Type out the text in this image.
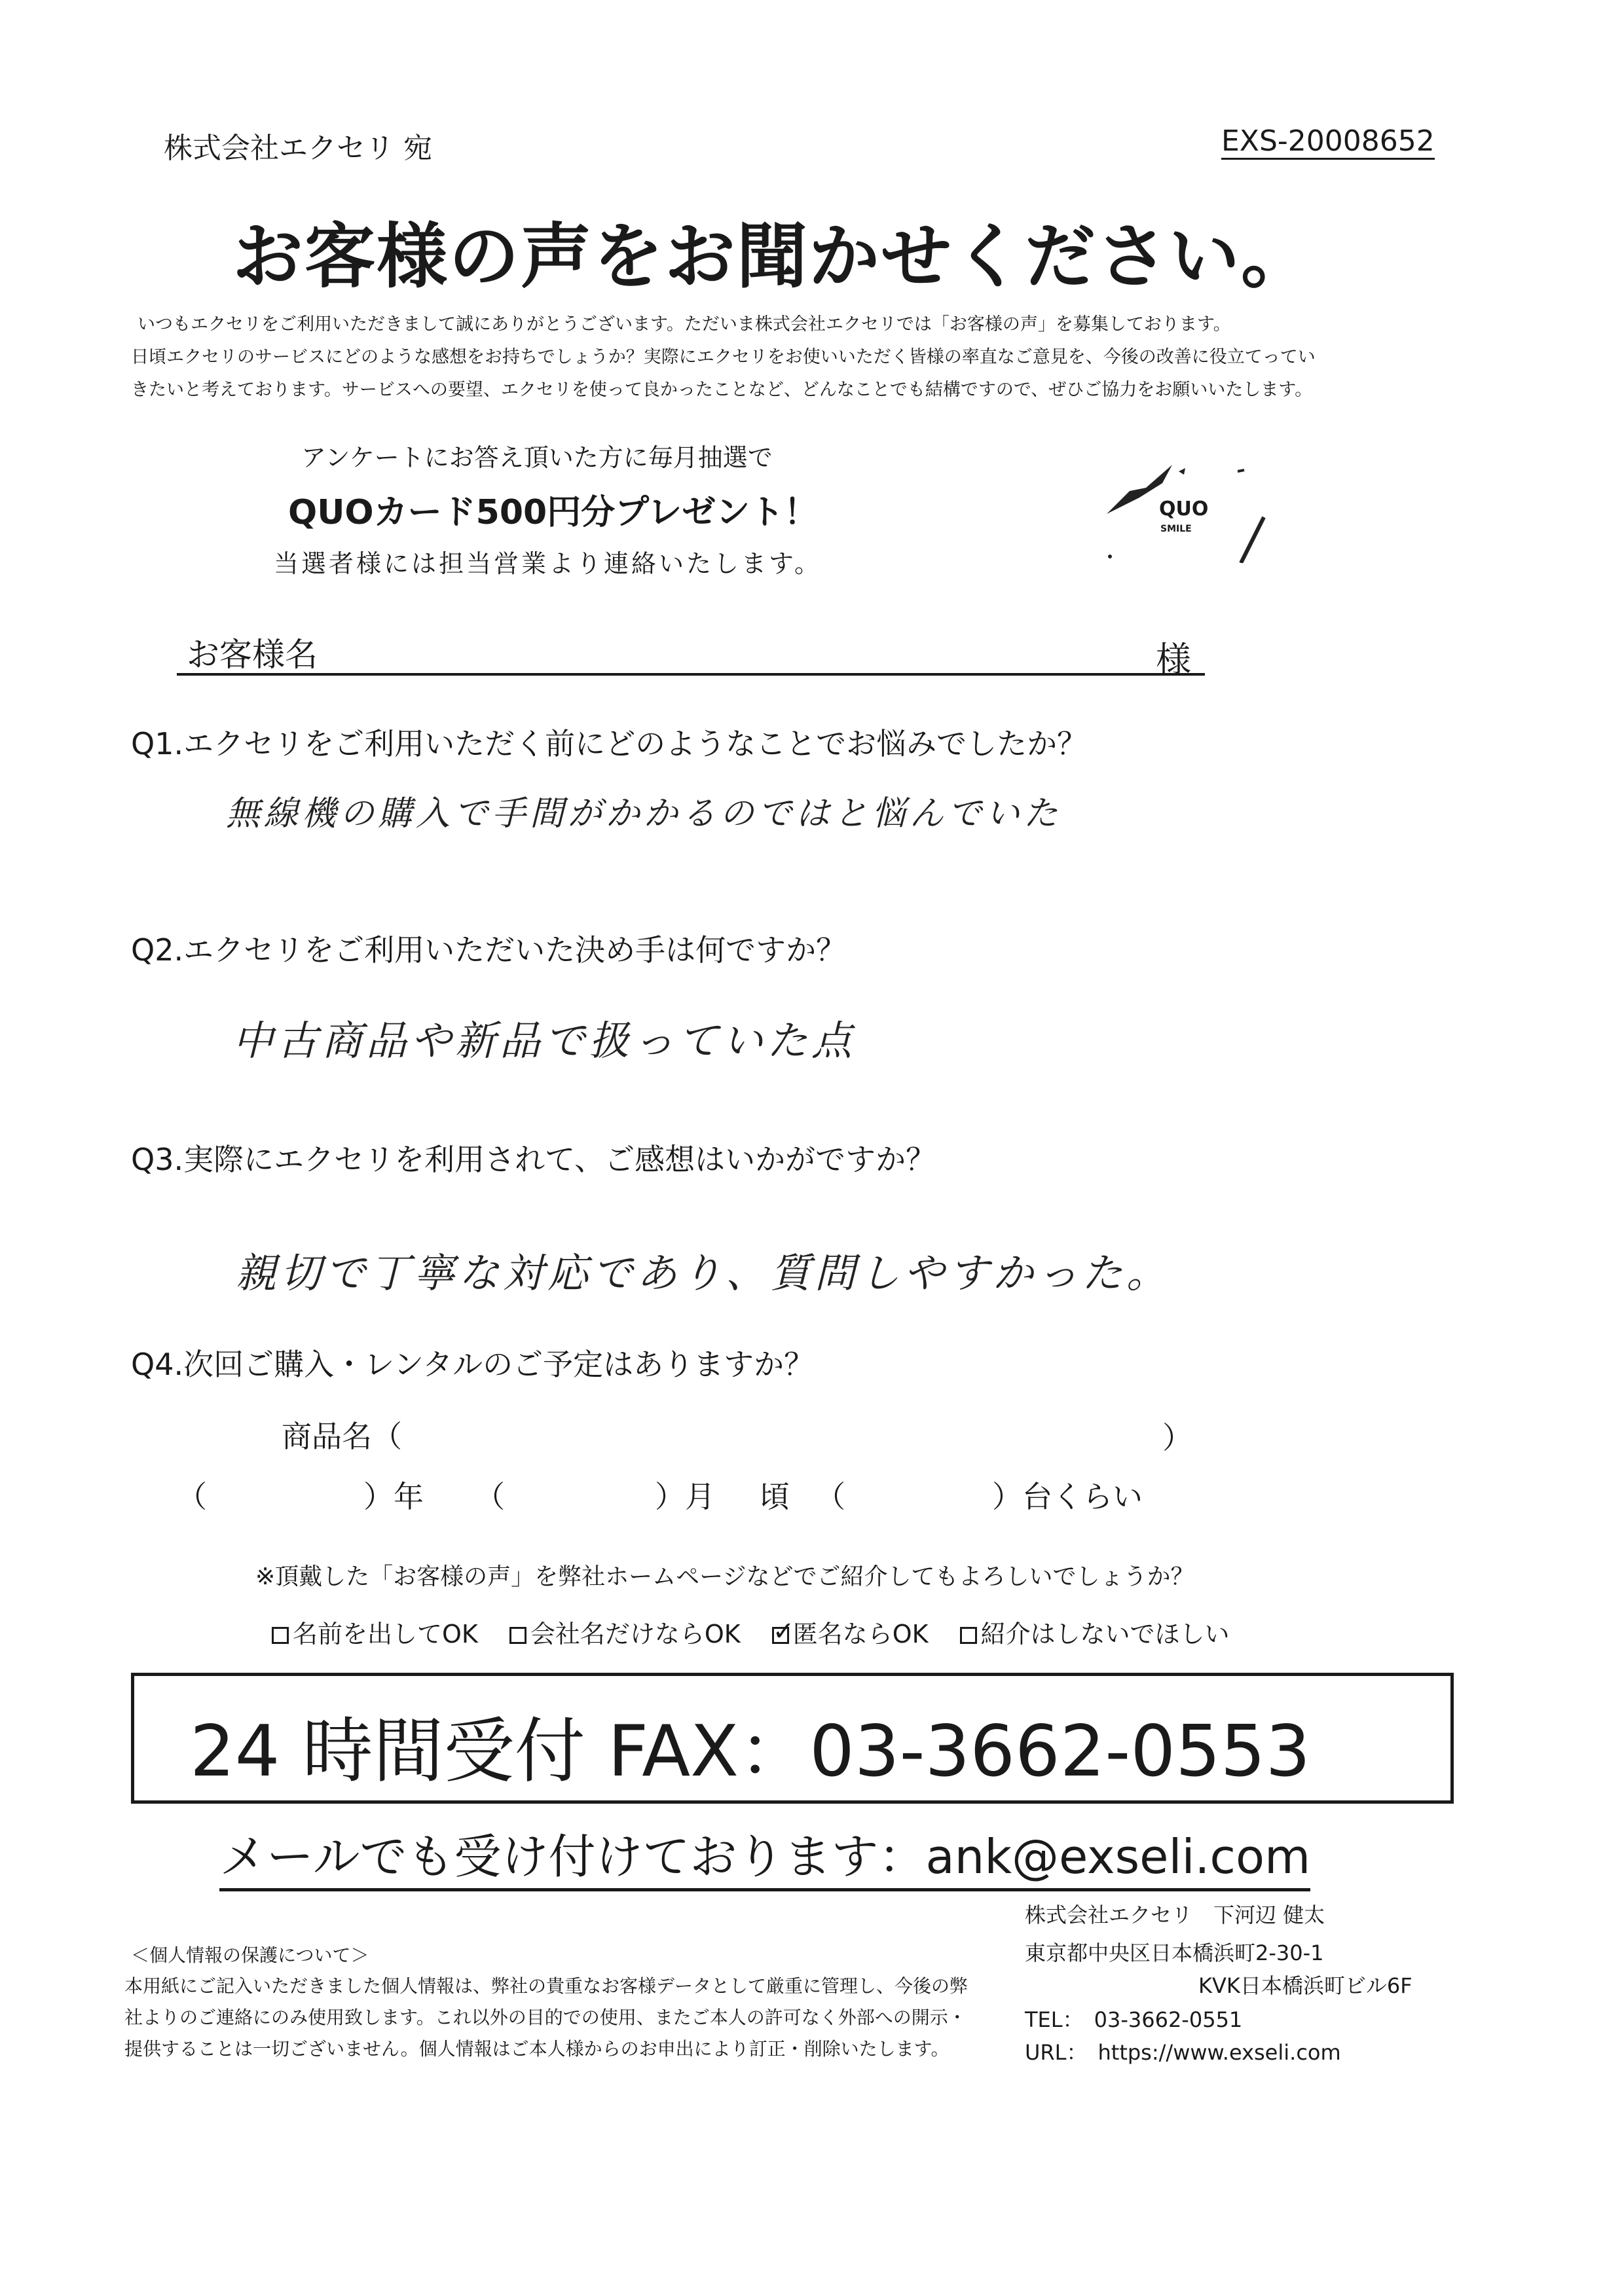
株式会社エクセリ 宛	EXS-20008652
お客様の声をお聞かせください。
いつもエクセリをご利用いただきまして誠にありがとうございます。ただいま株式会社エクセリでは「お客様の声」を募集しております。
日頃エクセリのサービスにどのような感想をお持ちでしょうか？実際にエクセリをお使いいただく皆様の率直なご意見を、今後の改善に役立てってい
きたいと考えております。サービスへの要望、エクセリを使って良かったことなど、どんなことでも結構ですので、ぜひご協力をお願いいたします。
アンケートにお答え頂いた方に毎月抽選で
QUOカード500円分プレゼント！
当選者様には担当営業より連絡いたします。
QUO
SMILE
お客様名	様
Q1.エクセリをご利用いただく前にどのようなことでお悩みでしたか？
無線機の購入で手間がかかるのではと悩んでいた
Q2.エクセリをご利用いただいた決め手は何ですか？
中古商品や新品で扱っていた点
Q3.実際にエクセリを利用されて、ご感想はいかがですか？
親切で丁寧な対応であり、質問しやすかった。
Q4.次回ご購入・レンタルのご予定はありますか？
商品名（	）
（	）年 （	）月 頃 （	）台くらい
※頂戴した「お客様の声」を弊社ホームページなどでご紹介してもよろしいでしょうか？
名前を出してOK 会社名だけならOK✓ 匿名ならOK 紹介はしないでほしい
24 時間受付 FAX：03-3662-0553
メールでも受け付けております：ank@exseli.com
＜個人情報の保護について＞
本用紙にご記入いただきました個人情報は、弊社の貴重なお客様データとして厳重に管理し、今後の弊
社よりのご連絡にのみ使用致します。これ以外の目的での使用、またご本人の許可なく外部への開示・
提供することは一切ございません。個人情報はご本人様からのお申出により訂正・削除いたします。
株式会社エクセリ　下河辺 健太
東京都中央区日本橋浜町2-30-1
KVK日本橋浜町ビル6F
TEL：　03-3662-0551
URL：　https://www.exseli.com
